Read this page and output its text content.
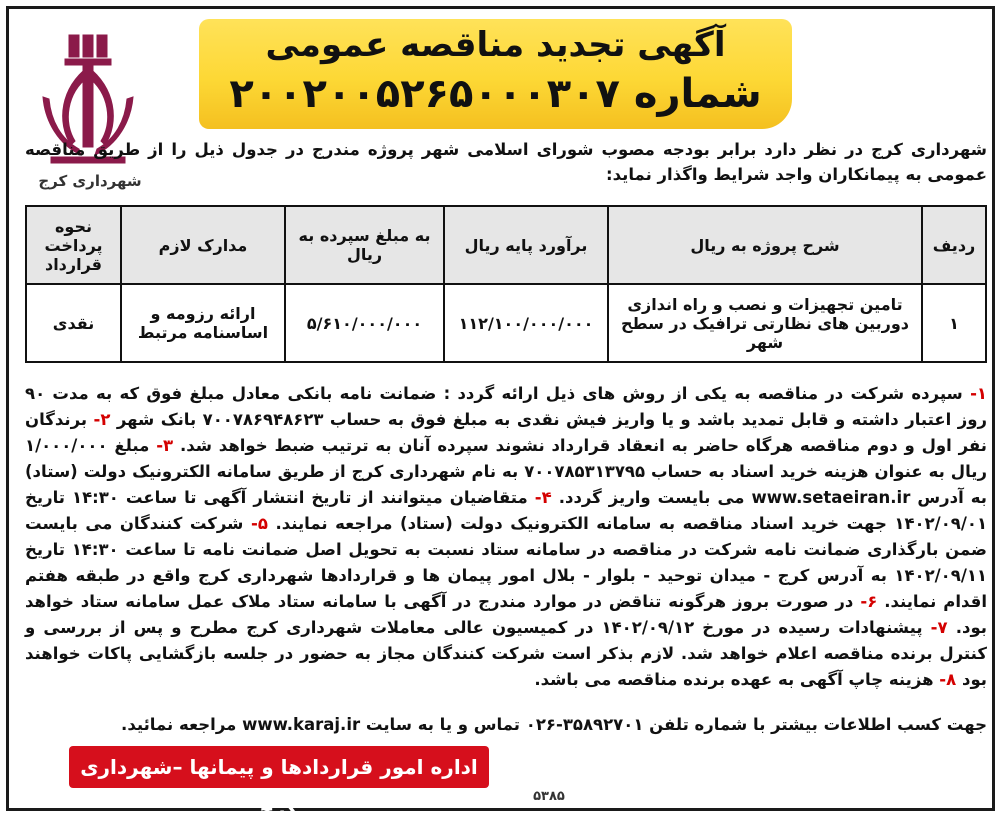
شهرداری کرج
آگهی تجدید مناقصه عمومی
شماره ۲۰۰۲۰۰۵۲۶۵۰۰۰۳۰۷
شهرداری کرج در نظر دارد برابر بودجه مصوب شورای اسلامی شهر پروژه مندرج در جدول ذیل را از طریق مناقصه عمومی به پیمانکاران واجد شرایط واگذار نماید:
ردیف	شرح پروژه به ریال	برآورد پایه ریال	به مبلغ سپرده به ریال	مدارک لازم	نحوه پرداخت قرارداد
۱	تامین تجهیزات و نصب و راه اندازی دوربین های نظارتی ترافیک در سطح شهر	۱۱۲/۱۰۰/۰۰۰/۰۰۰	۵/۶۱۰/۰۰۰/۰۰۰	ارائه رزومه و اساسنامه مرتبط	نقدی
۱- سپرده شرکت در مناقصه به یکی از روش های ذیل ارائه گردد : ضمانت نامه بانکی معادل مبلغ فوق که به مدت ۹۰ روز اعتبار داشته و قابل تمدید باشد و یا واریز فیش نقدی به مبلغ فوق به حساب ۷۰۰۷۸۶۹۴۸۶۲۳ بانک شهر ۲- برندگان نفر اول و دوم مناقصه هرگاه حاضر به انعقاد قرارداد نشوند سپرده آنان به ترتیب ضبط خواهد شد. ۳- مبلغ ۱/۰۰۰/۰۰۰ ریال به عنوان هزینه خرید اسناد به حساب ۷۰۰۷۸۵۳۱۳۷۹۵ به نام شهرداری کرج از طریق سامانه الکترونیک دولت (ستاد) به آدرس www.setaeiran.ir می بایست واریز گردد. ۴- متقاضیان میتوانند از تاریخ انتشار آگهی تا ساعت ۱۴:۳۰ تاریخ ۱۴۰۲/۰۹/۰۱ جهت خرید اسناد مناقصه به سامانه الکترونیک دولت (ستاد) مراجعه نمایند. ۵- شرکت کنندگان می بایست ضمن بارگذاری ضمانت نامه شرکت در مناقصه در سامانه ستاد نسبت به تحویل اصل ضمانت نامه تا ساعت ۱۴:۳۰ تاریخ ۱۴۰۲/۰۹/۱۱ به آدرس کرج - میدان توحید - بلوار - بلال امور پیمان ها و قراردادها شهرداری کرج واقع در طبقه هفتم اقدام نمایند. ۶- در صورت بروز هرگونه تناقض در موارد مندرج در آگهی با سامانه ستاد ملاک عمل سامانه ستاد خواهد بود. ۷- پیشنهادات رسیده در مورخ ۱۴۰۲/۰۹/۱۲ در کمیسیون عالی معاملات شهرداری کرج مطرح و پس از بررسی و کنترل برنده مناقصه اعلام خواهد شد. لازم بذکر است شرکت کنندگان مجاز به حضور در جلسه بازگشایی پاکات خواهند بود ۸- هزینه چاپ آگهی به عهده برنده مناقصه می باشد.
جهت کسب اطلاعات بیشتر با شماره تلفن ۰۲۶-۳۵۸۹۲۷۰۱ تماس و یا به سایت www.karaj.ir مراجعه نمائید.
اداره امور قراردادها و پیمانها –شهرداری کرج
۵۳۸۵
